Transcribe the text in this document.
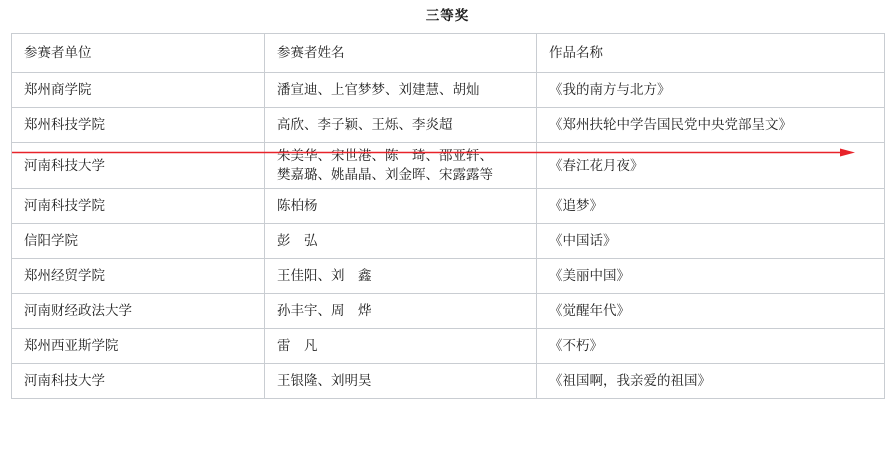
三等奖
参赛者单位	参赛者姓名	作品名称
郑州商学院	潘宣迪、上官梦梦、刘建慧、胡灿	《我的南方与北方》
郑州科技学院	高欣、李子颖、王烁、李炎超	《郑州扶轮中学告国民党中央党部呈文》
河南科技大学	朱美华、宋世港、陈　琦、邵亚轩、
樊嘉璐、姚晶晶、刘金晖、宋露露等	《春江花月夜》
河南科技学院	陈柏杨	《追梦》
信阳学院	彭　弘	《中国话》
郑州经贸学院	王佳阳、刘　鑫	《美丽中国》
河南财经政法大学	孙丰宇、周　烨	《觉醒年代》
郑州西亚斯学院	雷　凡	《不朽》
河南科技大学	王银隆、刘明昊	《祖国啊，我亲爱的祖国》
